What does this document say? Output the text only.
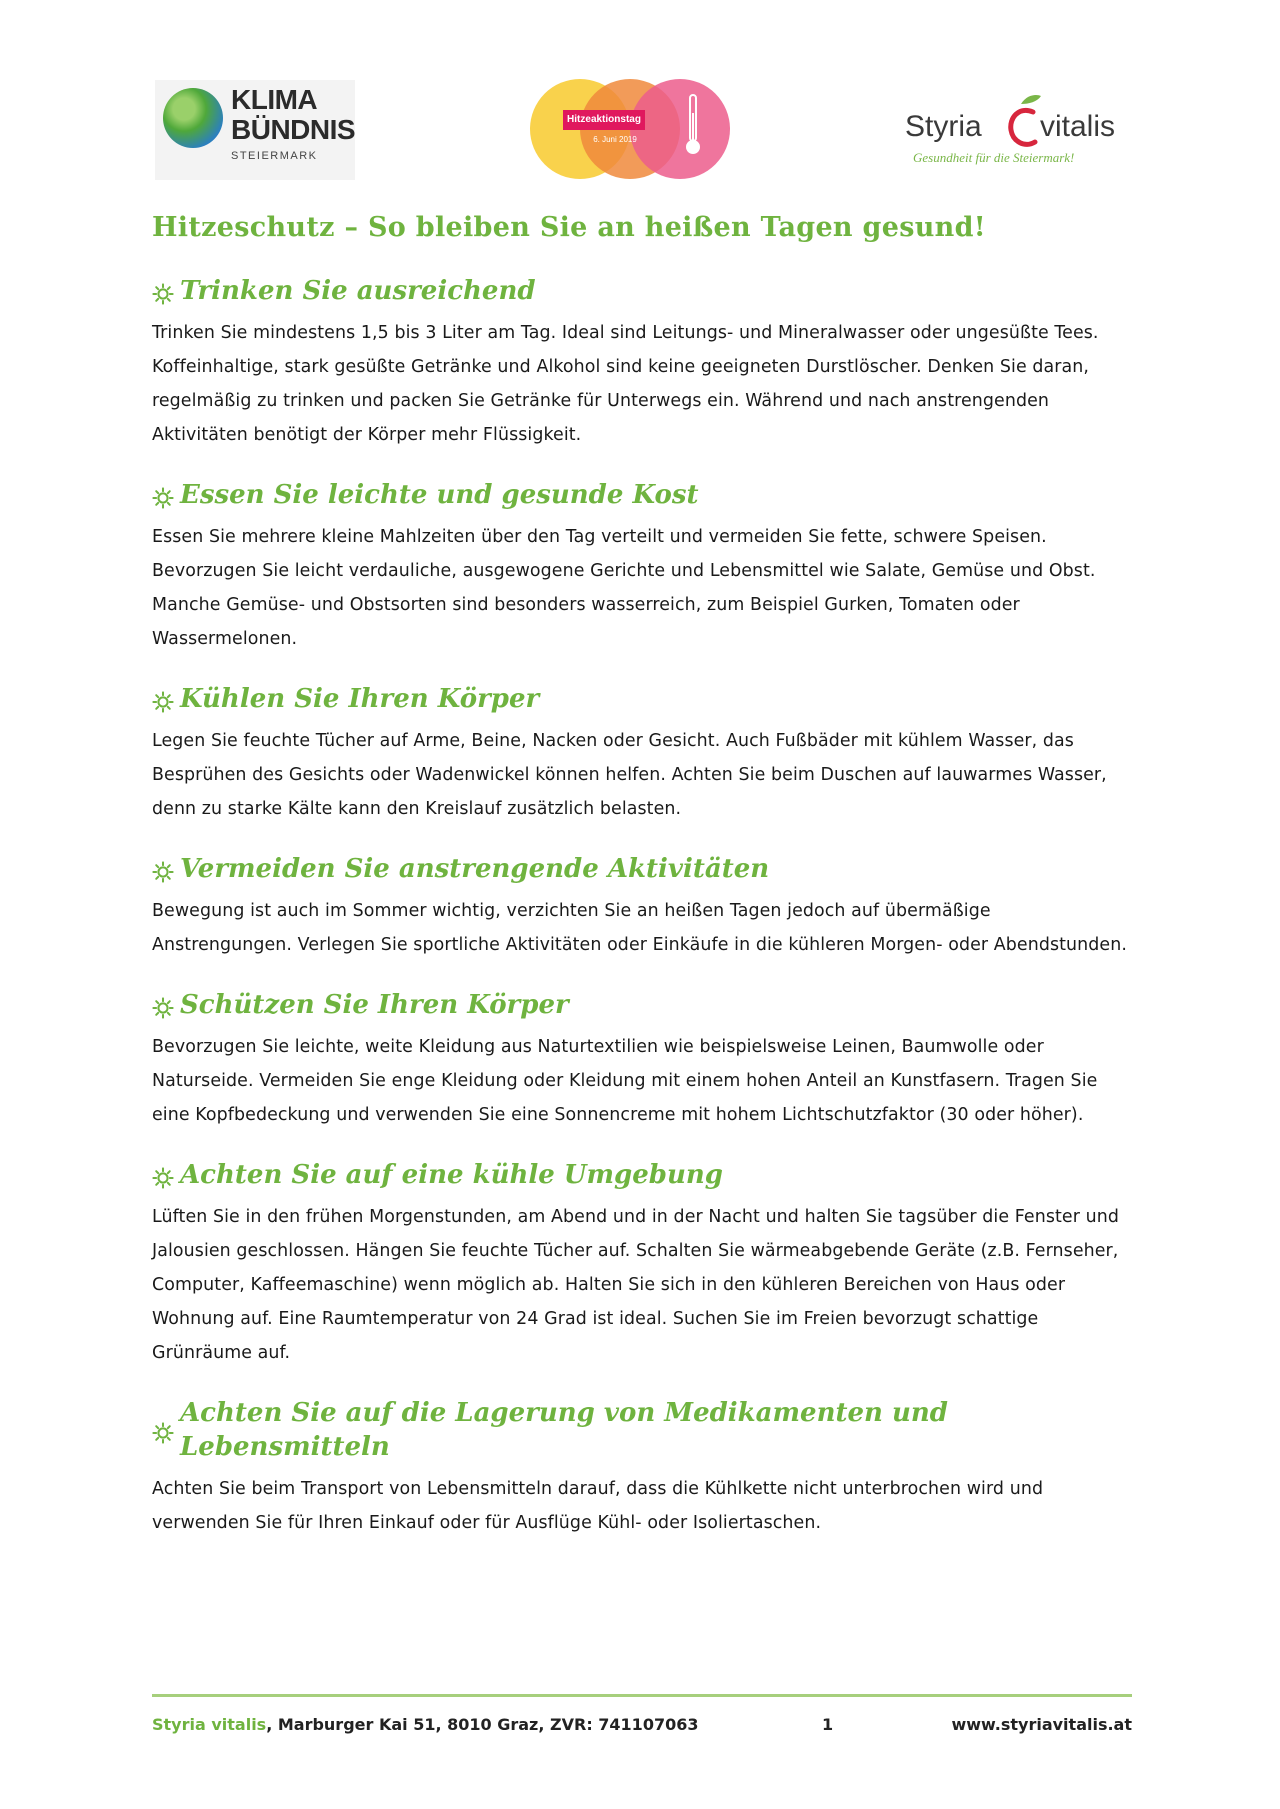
KLIMA
BÜNDNIS
STEIERMARK
Hitzeaktionstag
6. Juni 2019	Styria vitalis
Gesundheit für die Steiermark!
Hitzeschutz – So bleiben Sie an heißen Tagen gesund!
Trinken Sie ausreichend

Trinken Sie mindestens 1,5 bis 3 Liter am Tag. Ideal sind Leitungs- und Mineralwasser oder ungesüßte Tees. Koffeinhaltige, stark gesüßte Getränke und Alkohol sind keine geeigneten Durstlöscher. Denken Sie daran, regelmäßig zu trinken und packen Sie Getränke für Unterwegs ein. Während und nach anstrengenden Aktivitäten benötigt der Körper mehr Flüssigkeit.

Essen Sie leichte und gesunde Kost

Essen Sie mehrere kleine Mahlzeiten über den Tag verteilt und vermeiden Sie fette, schwere Speisen. Bevorzugen Sie leicht verdauliche, ausgewogene Gerichte und Lebensmittel wie Salate, Gemüse und Obst. Manche Gemüse- und Obstsorten sind besonders wasserreich, zum Beispiel Gurken, Tomaten oder Wassermelonen.

Kühlen Sie Ihren Körper

Legen Sie feuchte Tücher auf Arme, Beine, Nacken oder Gesicht. Auch Fußbäder mit kühlem Wasser, das Besprühen des Gesichts oder Wadenwickel können helfen. Achten Sie beim Duschen auf lauwarmes Wasser, denn zu starke Kälte kann den Kreislauf zusätzlich belasten.

Vermeiden Sie anstrengende Aktivitäten

Bewegung ist auch im Sommer wichtig, verzichten Sie an heißen Tagen jedoch auf übermäßige Anstrengungen. Verlegen Sie sportliche Aktivitäten oder Einkäufe in die kühleren Morgen- oder Abendstunden.

Schützen Sie Ihren Körper

Bevorzugen Sie leichte, weite Kleidung aus Naturtextilien wie beispielsweise Leinen, Baumwolle oder Naturseide. Vermeiden Sie enge Kleidung oder Kleidung mit einem hohen Anteil an Kunstfasern. Tragen Sie eine Kopfbedeckung und verwenden Sie eine Sonnencreme mit hohem Lichtschutzfaktor (30 oder höher).

Achten Sie auf eine kühle Umgebung

Lüften Sie in den frühen Morgenstunden, am Abend und in der Nacht und halten Sie tagsüber die Fenster und Jalousien geschlossen. Hängen Sie feuchte Tücher auf. Schalten Sie wärmeabgebende Geräte (z.B. Fernseher, Computer, Kaffeemaschine) wenn möglich ab. Halten Sie sich in den kühleren Bereichen von Haus oder Wohnung auf. Eine Raumtemperatur von 24 Grad ist ideal. Suchen Sie im Freien bevorzugt schattige Grünräume auf.

Achten Sie auf die Lagerung von Medikamenten und Lebensmitteln

Achten Sie beim Transport von Lebensmitteln darauf, dass die Kühlkette nicht unterbrochen wird und verwenden Sie für Ihren Einkauf oder für Ausflüge Kühl- oder Isoliertaschen.

Styria vitalis, Marburger Kai 51, 8010 Graz, ZVR: 741107063	1	www.styriavitalis.at
